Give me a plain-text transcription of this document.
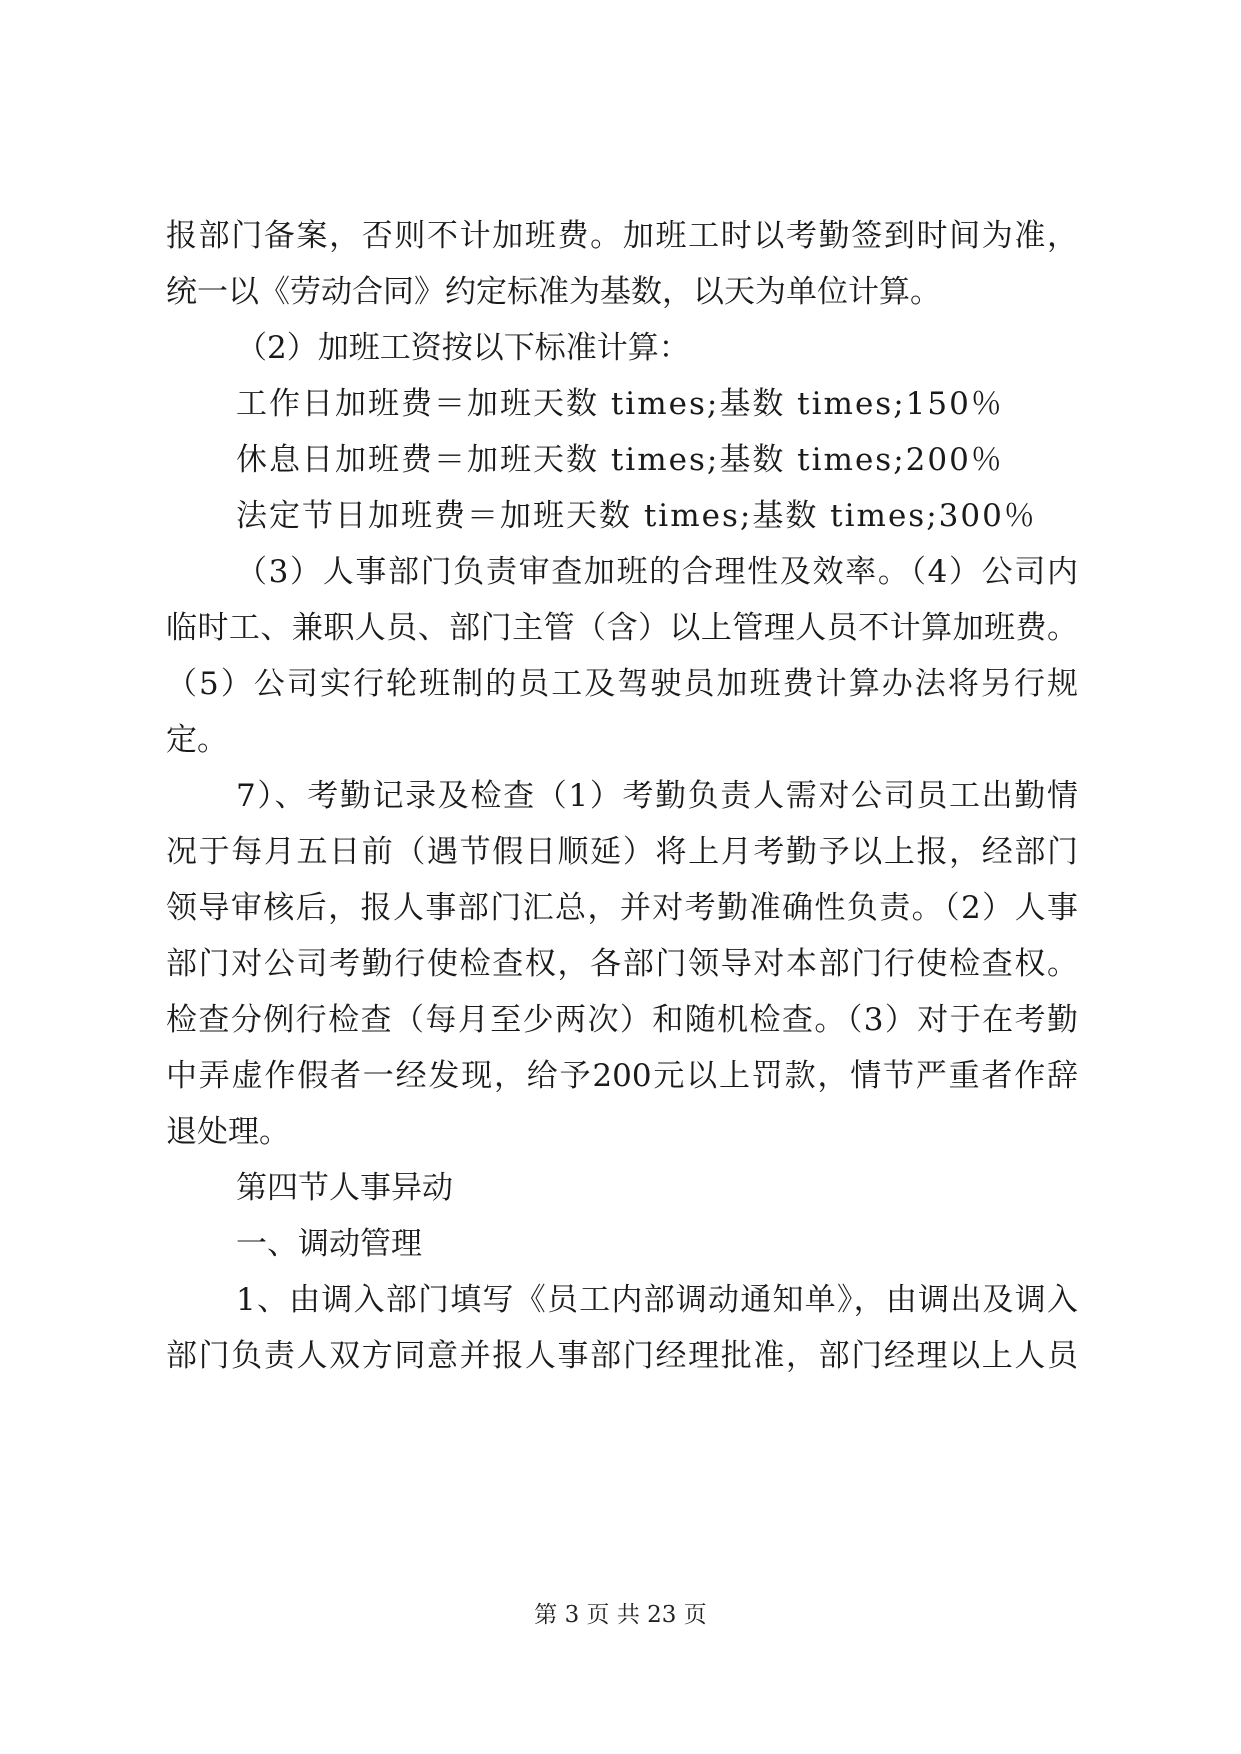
报部门备案，否则不计加班费。加班工时以考勤签到时间为准，
统一以《劳动合同》约定标准为基数，以天为单位计算。
（2）加班工资按以下标准计算：
工作日加班费＝加班天数 times;基数 times;150％
休息日加班费＝加班天数 times;基数 times;200％
法定节日加班费＝加班天数 times;基数 times;300％
（3）人事部门负责审查加班的合理性及效率。（4）公司内
临时工、兼职人员、部门主管（含）以上管理人员不计算加班费。
（5）公司实行轮班制的员工及驾驶员加班费计算办法将另行规
定。
7）、考勤记录及检查（1）考勤负责人需对公司员工出勤情
况于每月五日前（遇节假日顺延）将上月考勤予以上报，经部门
领导审核后，报人事部门汇总，并对考勤准确性负责。（2）人事
部门对公司考勤行使检查权，各部门领导对本部门行使检查权。
检查分例行检查（每月至少两次）和随机检查。（3）对于在考勤
中弄虚作假者一经发现，给予200元以上罚款，情节严重者作辞
退处理。
第四节人事异动
一、调动管理
1、由调入部门填写《员工内部调动通知单》，由调出及调入
部门负责人双方同意并报人事部门经理批准，部门经理以上人员
第 3 页 共 23 页
